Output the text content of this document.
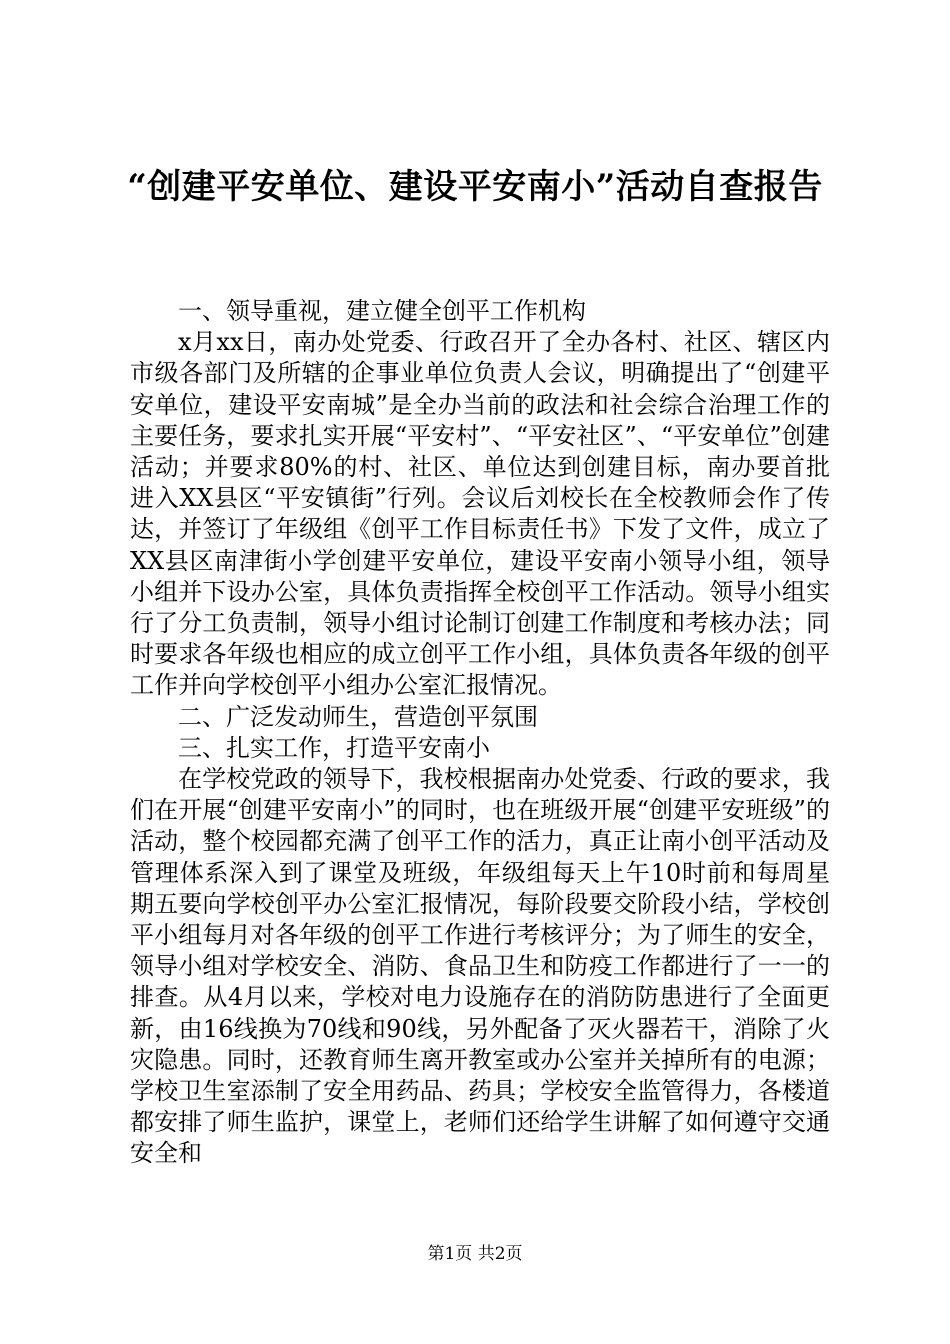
“创建平安单位、建设平安南小”活动自查报告

一、领导重视，建立健全创平工作机构

x月xx日，南办处党委、行政召开了全办各村、社区、辖区内市级各部门及所辖的企事业单位负责人会议，明确提出了“创建平安单位，建设平安南城”是全办当前的政法和社会综合治理工作的主要任务，要求扎实开展“平安村”、“平安社区”、“平安单位”创建活动；并要求80%的村、社区、单位达到创建目标，南办要首批进入XX县区“平安镇街”行列。会议后刘校长在全校教师会作了传达，并签订了年级组《创平工作目标责任书》下发了文件，成立了XX县区南津街小学创建平安单位，建设平安南小领导小组，领导小组并下设办公室，具体负责指挥全校创平工作活动。领导小组实行了分工负责制，领导小组讨论制订创建工作制度和考核办法；同时要求各年级也相应的成立创平工作小组，具体负责各年级的创平工作并向学校创平小组办公室汇报情况。

二、广泛发动师生，营造创平氛围

三、扎实工作，打造平安南小

在学校党政的领导下，我校根据南办处党委、行政的要求，我们在开展“创建平安南小”的同时，也在班级开展“创建平安班级”的活动，整个校园都充满了创平工作的活力，真正让南小创平活动及管理体系深入到了课堂及班级，年级组每天上午10时前和每周星期五要向学校创平办公室汇报情况，每阶段要交阶段小结，学校创平小组每月对各年级的创平工作进行考核评分；为了师生的安全，领导小组对学校安全、消防、食品卫生和防疫工作都进行了一一的排查。从4月以来，学校对电力设施存在的消防防患进行了全面更新，由16线换为70线和90线，另外配备了灭火器若干，消除了火灾隐患。同时，还教育师生离开教室或办公室并关掉所有的电源；学校卫生室添制了安全用药品、药具；学校安全监管得力，各楼道都安排了师生监护，课堂上，老师们还给学生讲解了如何遵守交通安全和

第1页 共2页
